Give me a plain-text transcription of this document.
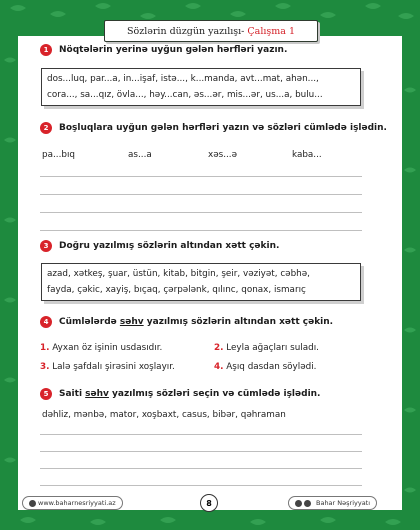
Sözlərin düzgün yazılışı- Çalışma 1
1	Nöqtələrin yerinə uyğun gələn hərfləri yazın.
dos...luq, par...a, in...işaf, istə..., k...manda, avt...mat, ahən...,
cora..., sa...qız, övla..., həy...can, əs...ər, mis...ər, us...a, bulu...
2	Boşluqlara uyğun gələn hərfləri yazın və sözləri cümlədə işlədin.
pa...bıq	as...a	xəs...ə	kaba...
3	Doğru yazılmış sözlərin altından xətt çəkin.
azad, xətkeş, şuar, üstün, kitab, bitgin, şeir, vəziyət, cəbhə,
fayda, çəkic, xayiş, bıçaq, çərpələnk, qılınc, qonax, ismarıç
4	Cümlələrdə səhv yazılmış sözlərin altından xətt çəkin.
1. Ayxan öz işinin usdasıdır.	2. Leyla ağaçları suladı.
3. Lalə şafdalı şirəsini xoşlayır.	4. Aşıq dasdan söylədi.
5	Saiti səhv yazılmış sözləri seçin və cümlədə işlədin.
dəhliz, mənbə, mator, xoşbaxt, casus, bibər, qəhraman
www.baharnesriyyati.az	8	Bahar Nəşriyyatı
